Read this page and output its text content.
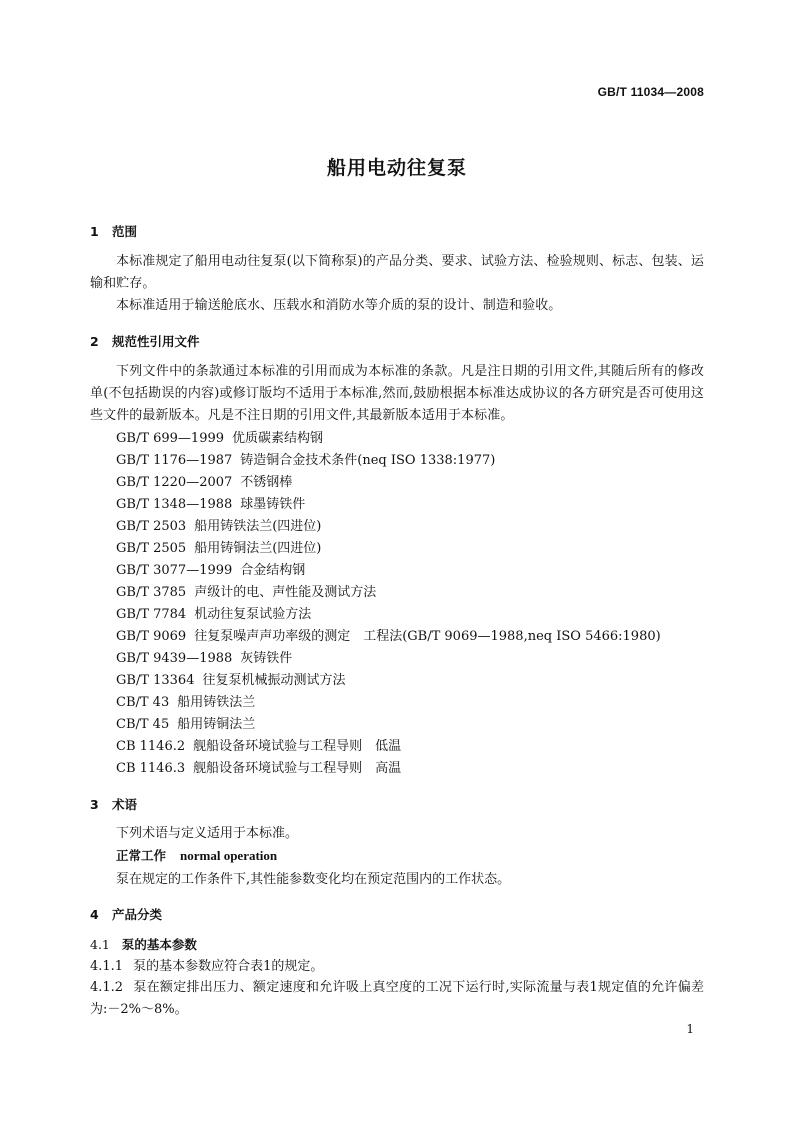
GB/T 11034—2008
船用电动往复泵
1 范围
本标准规定了船用电动往复泵(以下简称泵)的产品分类、要求、试验方法、检验规则、标志、包装、运输和贮存。
本标准适用于输送舱底水、压载水和消防水等介质的泵的设计、制造和验收。
2 规范性引用文件
下列文件中的条款通过本标准的引用而成为本标准的条款。凡是注日期的引用文件,其随后所有的修改单(不包括勘误的内容)或修订版均不适用于本标准,然而,鼓励根据本标准达成协议的各方研究是否可使用这些文件的最新版本。凡是不注日期的引用文件,其最新版本适用于本标准。
GB/T 699—1999 优质碳素结构钢
GB/T 1176—1987 铸造铜合金技术条件(neq ISO 1338:1977)
GB/T 1220—2007 不锈钢棒
GB/T 1348—1988 球墨铸铁件
GB/T 2503 船用铸铁法兰(四进位)
GB/T 2505 船用铸铜法兰(四进位)
GB/T 3077—1999 合金结构钢
GB/T 3785 声级计的电、声性能及测试方法
GB/T 7784 机动往复泵试验方法
GB/T 9069 往复泵噪声声功率级的测定　工程法(GB/T 9069—1988,neq ISO 5466:1980)
GB/T 9439—1988 灰铸铁件
GB/T 13364 往复泵机械振动测试方法
CB/T 43 船用铸铁法兰
CB/T 45 船用铸铜法兰
CB 1146.2 舰船设备环境试验与工程导则　低温
CB 1146.3 舰船设备环境试验与工程导则　高温
3 术语
下列术语与定义适用于本标准。
正常工作 normal operation
泵在规定的工作条件下,其性能参数变化均在预定范围内的工作状态。
4 产品分类
4.1 泵的基本参数
4.1.1 泵的基本参数应符合表1的规定。
4.1.2 泵在额定排出压力、额定速度和允许吸上真空度的工况下运行时,实际流量与表1规定值的允许偏差为:－2%～8%。
1
